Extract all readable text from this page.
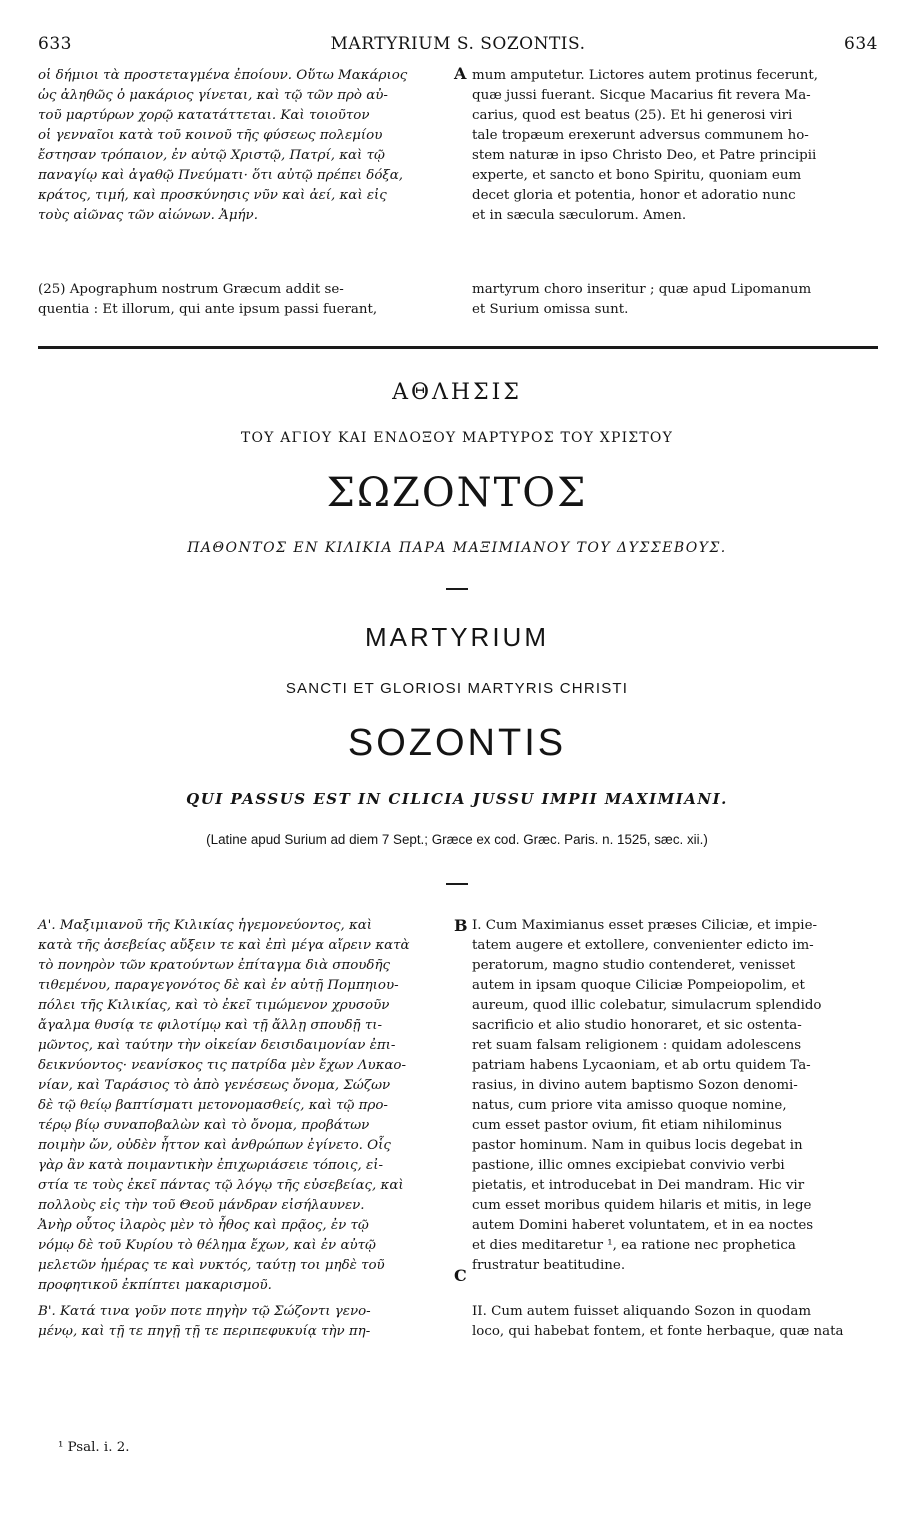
633	MARTYRIUM S. SOZONTIS.	634

οἱ δήμιοι τὰ προστεταγμένα ἐποίουν. Οὕτω Μακάριος

ὡς ἀληθῶς ὁ μακάριος γίνεται, καὶ τῷ τῶν πρὸ αὐ-

τοῦ μαρτύρων χορῷ κατατάττεται. Καὶ τοιοῦτον

οἱ γενναῖοι κατὰ τοῦ κοινοῦ τῆς φύσεως πολεμίου

ἔστησαν τρόπαιον, ἐν αὐτῷ Χριστῷ, Πατρί, καὶ τῷ

παναγίῳ καὶ ἀγαθῷ Πνεύματι· ὅτι αὐτῷ πρέπει δόξα,

κράτος, τιμή, καὶ προσκύνησις νῦν καὶ ἀεί, καὶ εἰς

τοὺς αἰῶνας τῶν αἰώνων. Ἀμήν.

A mum amputetur. Lictores autem protinus fecerunt,

quæ jussi fuerant. Sicque Macarius fit revera Ma-

carius, quod est beatus (25). Et hi generosi viri

tale tropæum erexerunt adversus communem ho-

stem naturæ in ipso Christo Deo, et Patre principii

experte, et sancto et bono Spiritu, quoniam eum

decet gloria et potentia, honor et adoratio nunc

et in sæcula sæculorum. Amen.

(25) Apographum nostrum Græcum addit se-

quentia : Et illorum, qui ante ipsum passi fuerant,

martyrum choro inseritur ; quæ apud Lipomanum

et Surium omissa sunt.

ΑΘΛΗΣΙΣ
ΤΟΥ ΑΓΙΟΥ ΚΑΙ ΕΝΔΟΞΟΥ ΜΑΡΤΥΡΟΣ ΤΟΥ ΧΡΙΣΤΟΥ
ΣΩΖΟΝΤΟΣ
ΠΑΘΟΝΤΟΣ ΕΝ ΚΙΛΙΚΙΑ ΠΑΡΑ ΜΑΞΙΜΙΑΝΟΥ ΤΟΥ ΔΥΣΣΕΒΟΥΣ.
MARTYRIUM
SANCTI ET GLORIOSI MARTYRIS CHRISTI
SOZONTIS
QUI PASSUS EST IN CILICIA JUSSU IMPII MAXIMIANI.
(Latine apud Surium ad diem 7 Sept.; Græce ex cod. Græc. Paris. n. 1525, sæc. xii.)

Α'. Μαξιμιανοῦ τῆς Κιλικίας ἡγεμονεύοντος, καὶ

κατὰ τῆς ἀσεβείας αὔξειν τε καὶ ἐπὶ μέγα αἴρειν κατὰ

τὸ πονηρὸν τῶν κρατούντων ἐπίταγμα διὰ σπουδῆς

τιθεμένου, παραγεγονότος δὲ καὶ ἐν αὐτῇ Πομπηιου-

πόλει τῆς Κιλικίας, καὶ τὸ ἐκεῖ τιμώμενον χρυσοῦν

ἄγαλμα θυσίᾳ τε φιλοτίμῳ καὶ τῇ ἄλλῃ σπουδῇ τι-

μῶντος, καὶ ταύτην τὴν οἰκείαν δεισιδαιμονίαν ἐπι-

δεικνύοντος· νεανίσκος τις πατρίδα μὲν ἔχων Λυκαο-

νίαν, καὶ Ταράσιος τὸ ἀπὸ γενέσεως ὄνομα, Σώζων

δὲ τῷ θείῳ βαπτίσματι μετονομασθείς, καὶ τῷ προ-

τέρῳ βίῳ συναποβαλὼν καὶ τὸ ὄνομα, προβάτων

ποιμὴν ὤν, οὐδὲν ἧττον καὶ ἀνθρώπων ἐγίνετο. Οἷς

γὰρ ἂν κατὰ ποιμαντικὴν ἐπιχωριάσειε τόποις, εἰ-

στία τε τοὺς ἐκεῖ πάντας τῷ λόγῳ τῆς εὐσεβείας, καὶ

πολλοὺς εἰς τὴν τοῦ Θεοῦ μάνδραν εἰσήλαυνεν.

Ἀνὴρ οὗτος ἱλαρὸς μὲν τὸ ἦθος καὶ πρᾷος, ἐν τῷ

νόμῳ δὲ τοῦ Κυρίου τὸ θέλημα ἔχων, καὶ ἐν αὐτῷ

μελετῶν ἡμέρας τε καὶ νυκτός, ταύτῃ τοι μηδὲ τοῦ

προφητικοῦ ἐκπίπτει μακαρισμοῦ.

Β'. Κατά τινα γοῦν ποτε πηγὴν τῷ Σώζοντι γενο-

μένῳ, καὶ τῇ τε πηγῇ τῇ τε περιπεφυκυίᾳ τὴν πη-

B
C

I. Cum Maximianus esset præses Ciliciæ, et impie-

tatem augere et extollere, convenienter edicto im-

peratorum, magno studio contenderet, venisset

autem in ipsam quoque Ciliciæ Pompeiopolim, et

aureum, quod illic colebatur, simulacrum splendido

sacrificio et alio studio honoraret, et sic ostenta-

ret suam falsam religionem : quidam adolescens

patriam habens Lycaoniam, et ab ortu quidem Ta-

rasius, in divino autem baptismo Sozon denomi-

natus, cum priore vita amisso quoque nomine,

cum esset pastor ovium, fit etiam nihilominus

pastor hominum. Nam in quibus locis degebat in

pastione, illic omnes excipiebat convivio verbi

pietatis, et introducebat in Dei mandram. Hic vir

cum esset moribus quidem hilaris et mitis, in lege

autem Domini haberet voluntatem, et in ea noctes

et dies meditaretur ¹, ea ratione nec prophetica

frustratur beatitudine.

II. Cum autem fuisset aliquando Sozon in quodam

loco, qui habebat fontem, et fonte herbaque, quæ nata

¹ Psal. i. 2.
